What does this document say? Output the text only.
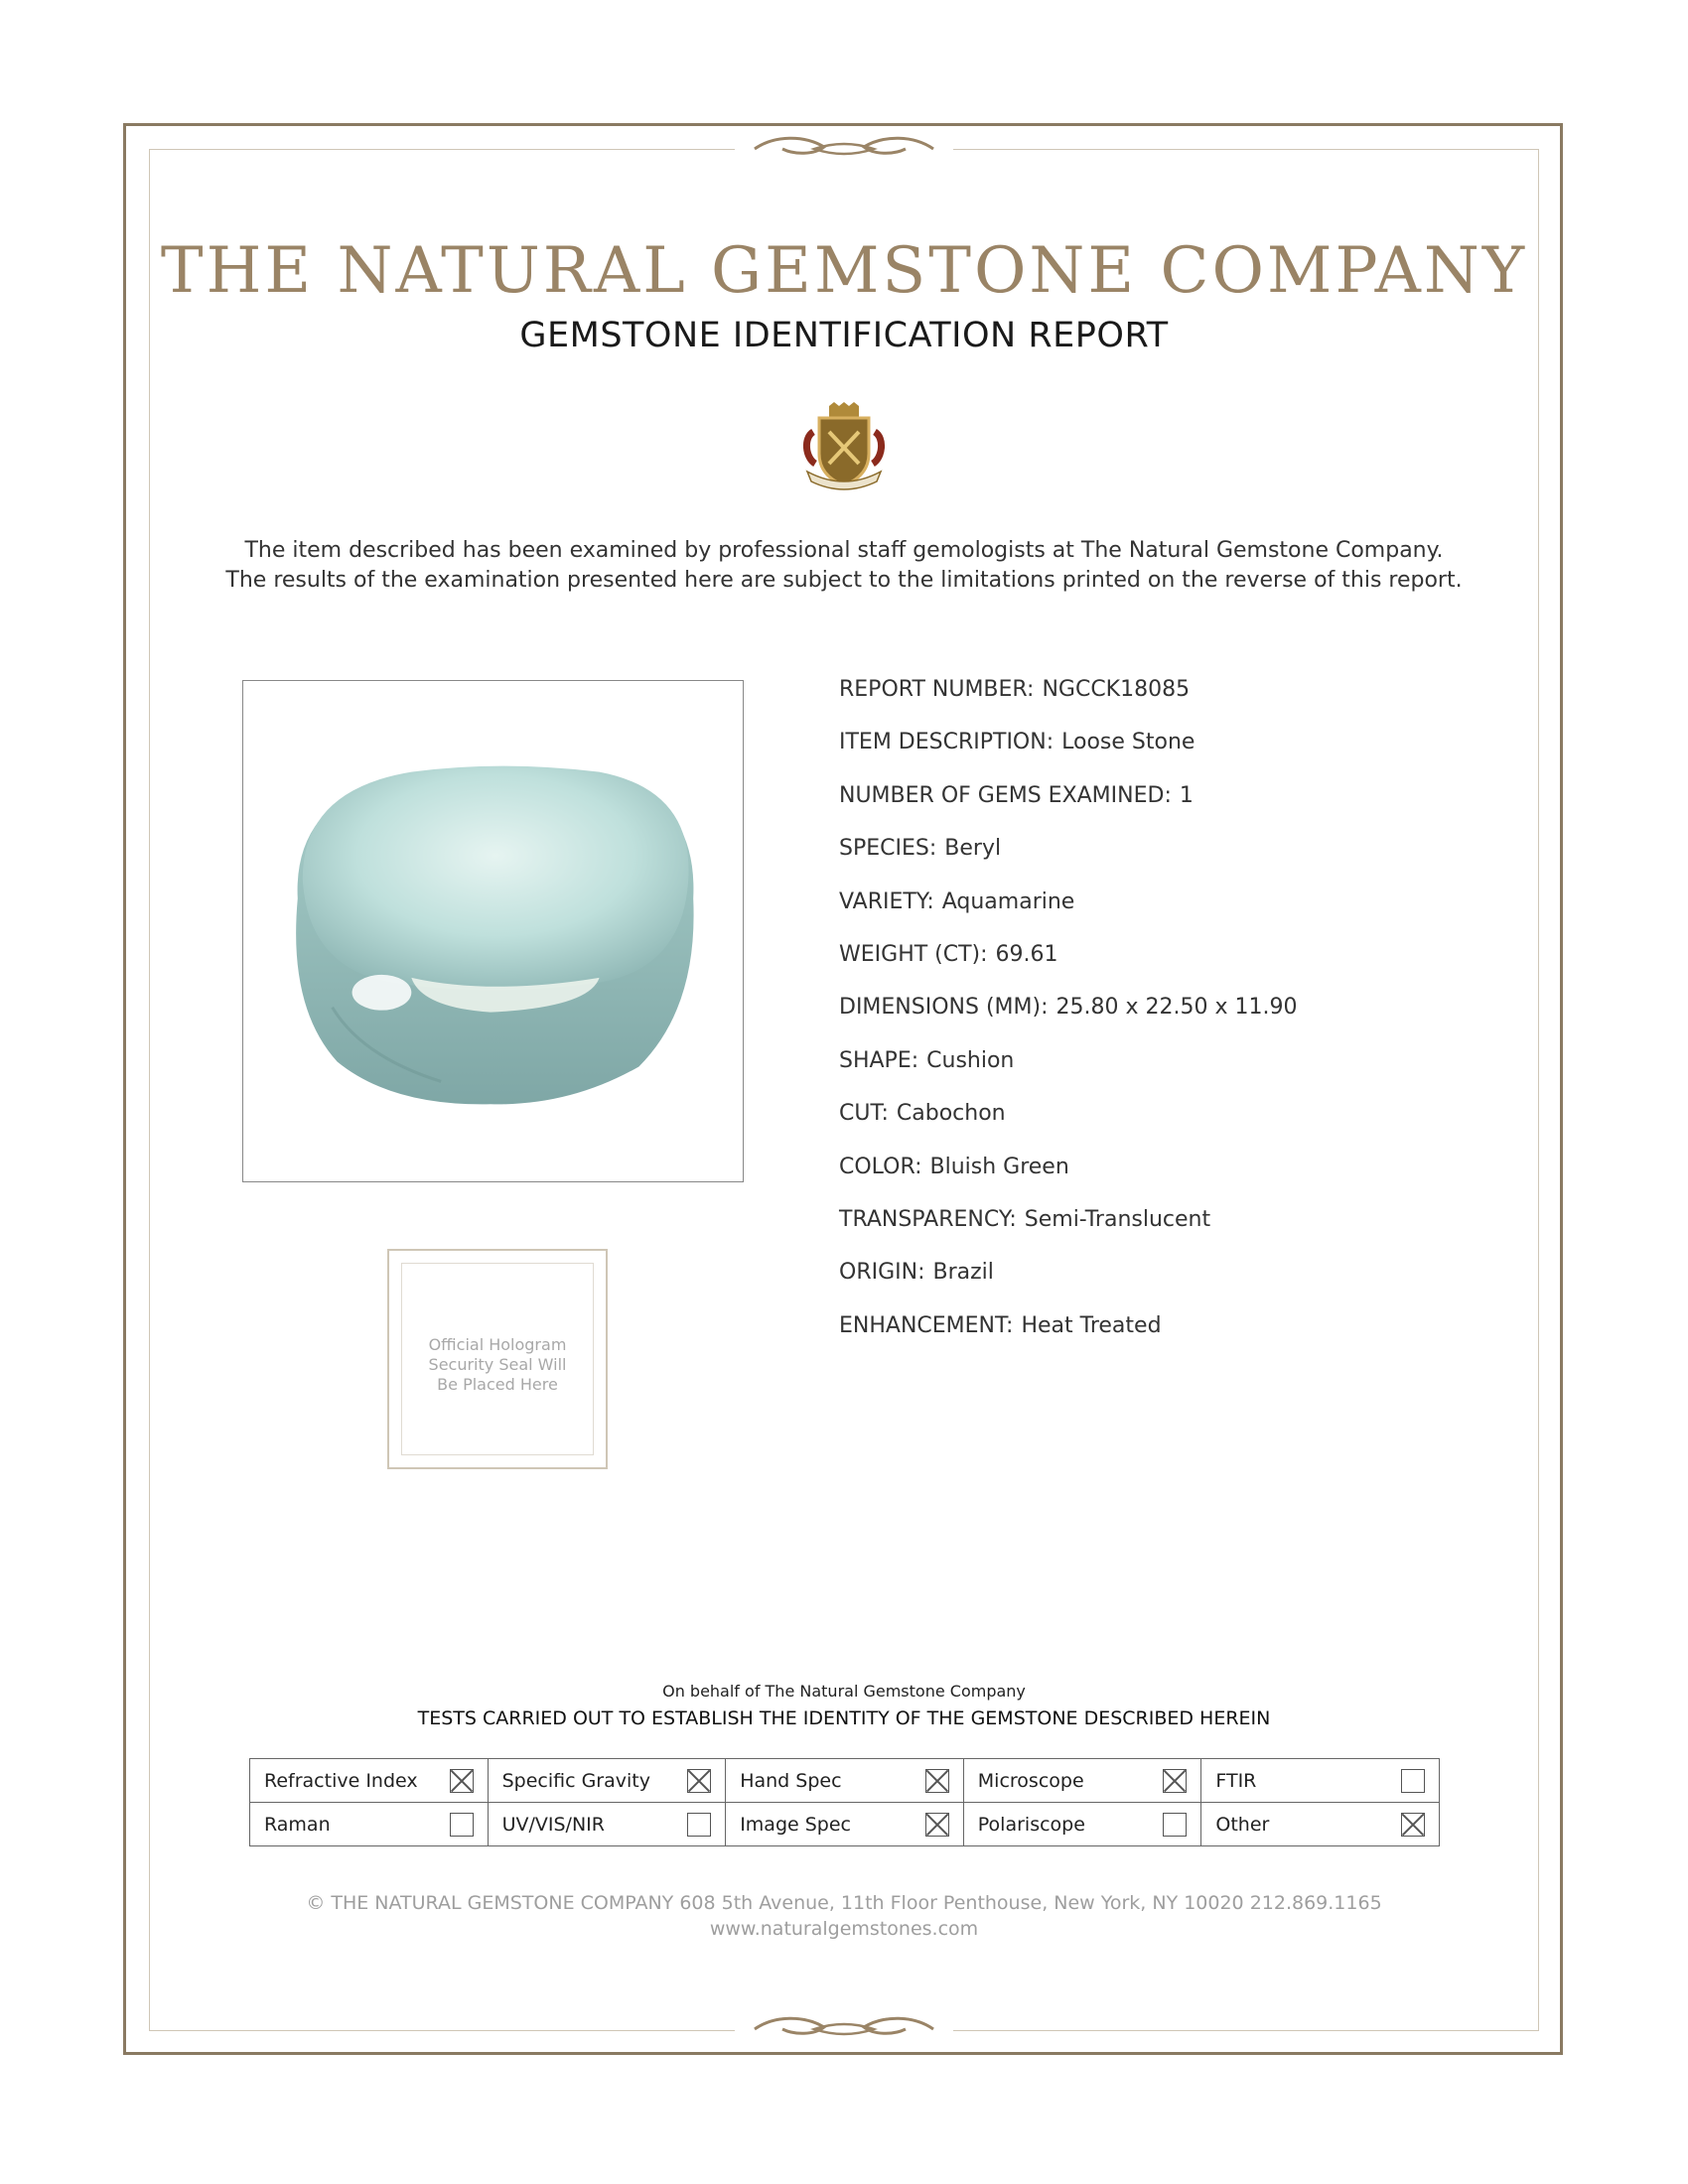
THE NATURAL GEMSTONE COMPANY
GEMSTONE IDENTIFICATION REPORT
The item described has been examined by professional staff gemologists at The Natural Gemstone Company.
The results of the examination presented here are subject to the limitations printed on the reverse of this report.
Official Hologram
Security Seal Will
Be Placed Here
REPORT NUMBER: NGCCK18085
ITEM DESCRIPTION: Loose Stone
NUMBER OF GEMS EXAMINED: 1
SPECIES: Beryl
VARIETY: Aquamarine
WEIGHT (CT): 69.61
DIMENSIONS (MM): 25.80 x 22.50 x 11.90
SHAPE: Cushion
CUT: Cabochon
COLOR: Bluish Green
TRANSPARENCY: Semi-Translucent
ORIGIN: Brazil
ENHANCEMENT: Heat Treated
On behalf of The Natural Gemstone Company
TESTS CARRIED OUT TO ESTABLISH THE IDENTITY OF THE GEMSTONE DESCRIBED HEREIN
Refractive Index	Specific Gravity	Hand Spec	Microscope	FTIR

Raman	UV/VIS/NIR	Image Spec	Polariscope	Other
© THE NATURAL GEMSTONE COMPANY 608 5th Avenue, 11th Floor Penthouse, New York, NY 10020 212.869.1165
www.naturalgemstones.com
